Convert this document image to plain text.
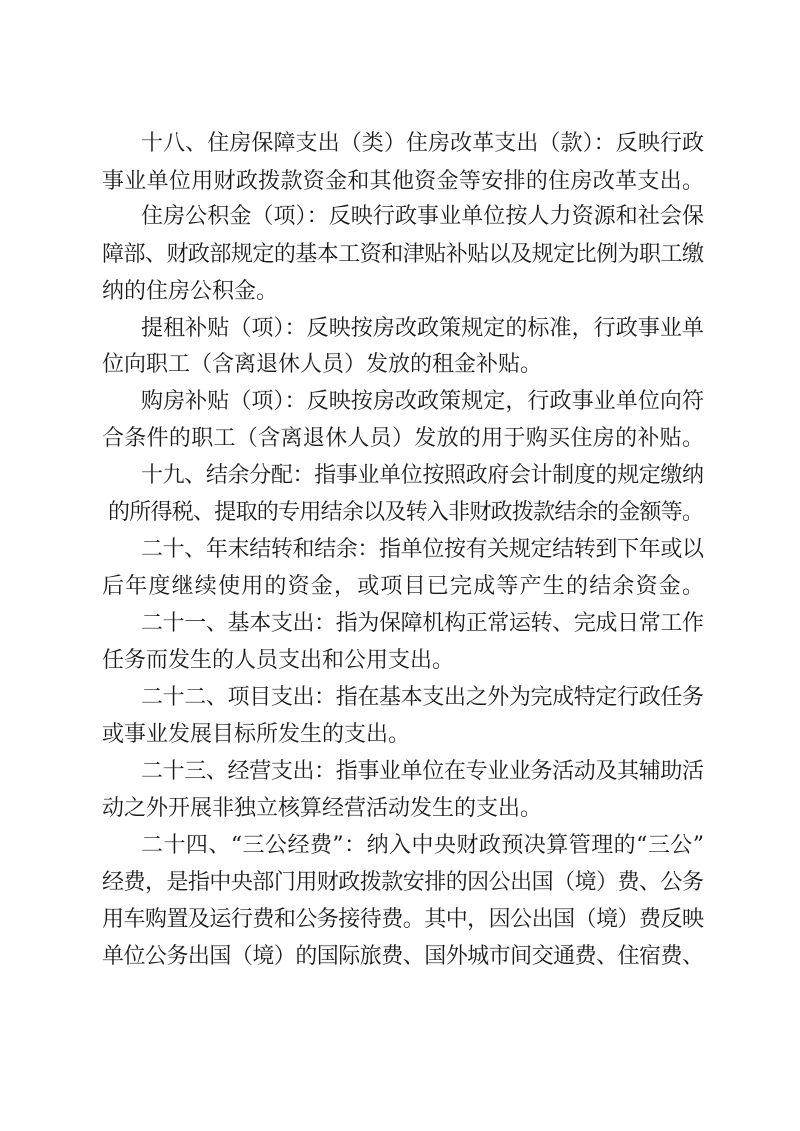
十八、住房保障支出（类）住房改革支出（款）：反映行政
事业单位用财政拨款资金和其他资金等安排的住房改革支出。
住房公积金（项）：反映行政事业单位按人力资源和社会保
障部、财政部规定的基本工资和津贴补贴以及规定比例为职工缴
纳的住房公积金。
提租补贴（项）：反映按房改政策规定的标准，行政事业单
位向职工（含离退休人员）发放的租金补贴。
购房补贴（项）：反映按房改政策规定，行政事业单位向符
合条件的职工（含离退休人员）发放的用于购买住房的补贴。
十九、结余分配：指事业单位按照政府会计制度的规定缴纳
的所得税、提取的专用结余以及转入非财政拨款结余的金额等。
二十、年末结转和结余：指单位按有关规定结转到下年或以
后年度继续使用的资金，或项目已完成等产生的结余资金。
二十一、基本支出：指为保障机构正常运转、完成日常工作
任务而发生的人员支出和公用支出。
二十二、项目支出：指在基本支出之外为完成特定行政任务
或事业发展目标所发生的支出。
二十三、经营支出：指事业单位在专业业务活动及其辅助活
动之外开展非独立核算经营活动发生的支出。
二十四、“三公经费”：纳入中央财政预决算管理的“三公”
经费，是指中央部门用财政拨款安排的因公出国（境）费、公务
用车购置及运行费和公务接待费。其中，因公出国（境）费反映
单位公务出国（境）的国际旅费、国外城市间交通费、住宿费、
